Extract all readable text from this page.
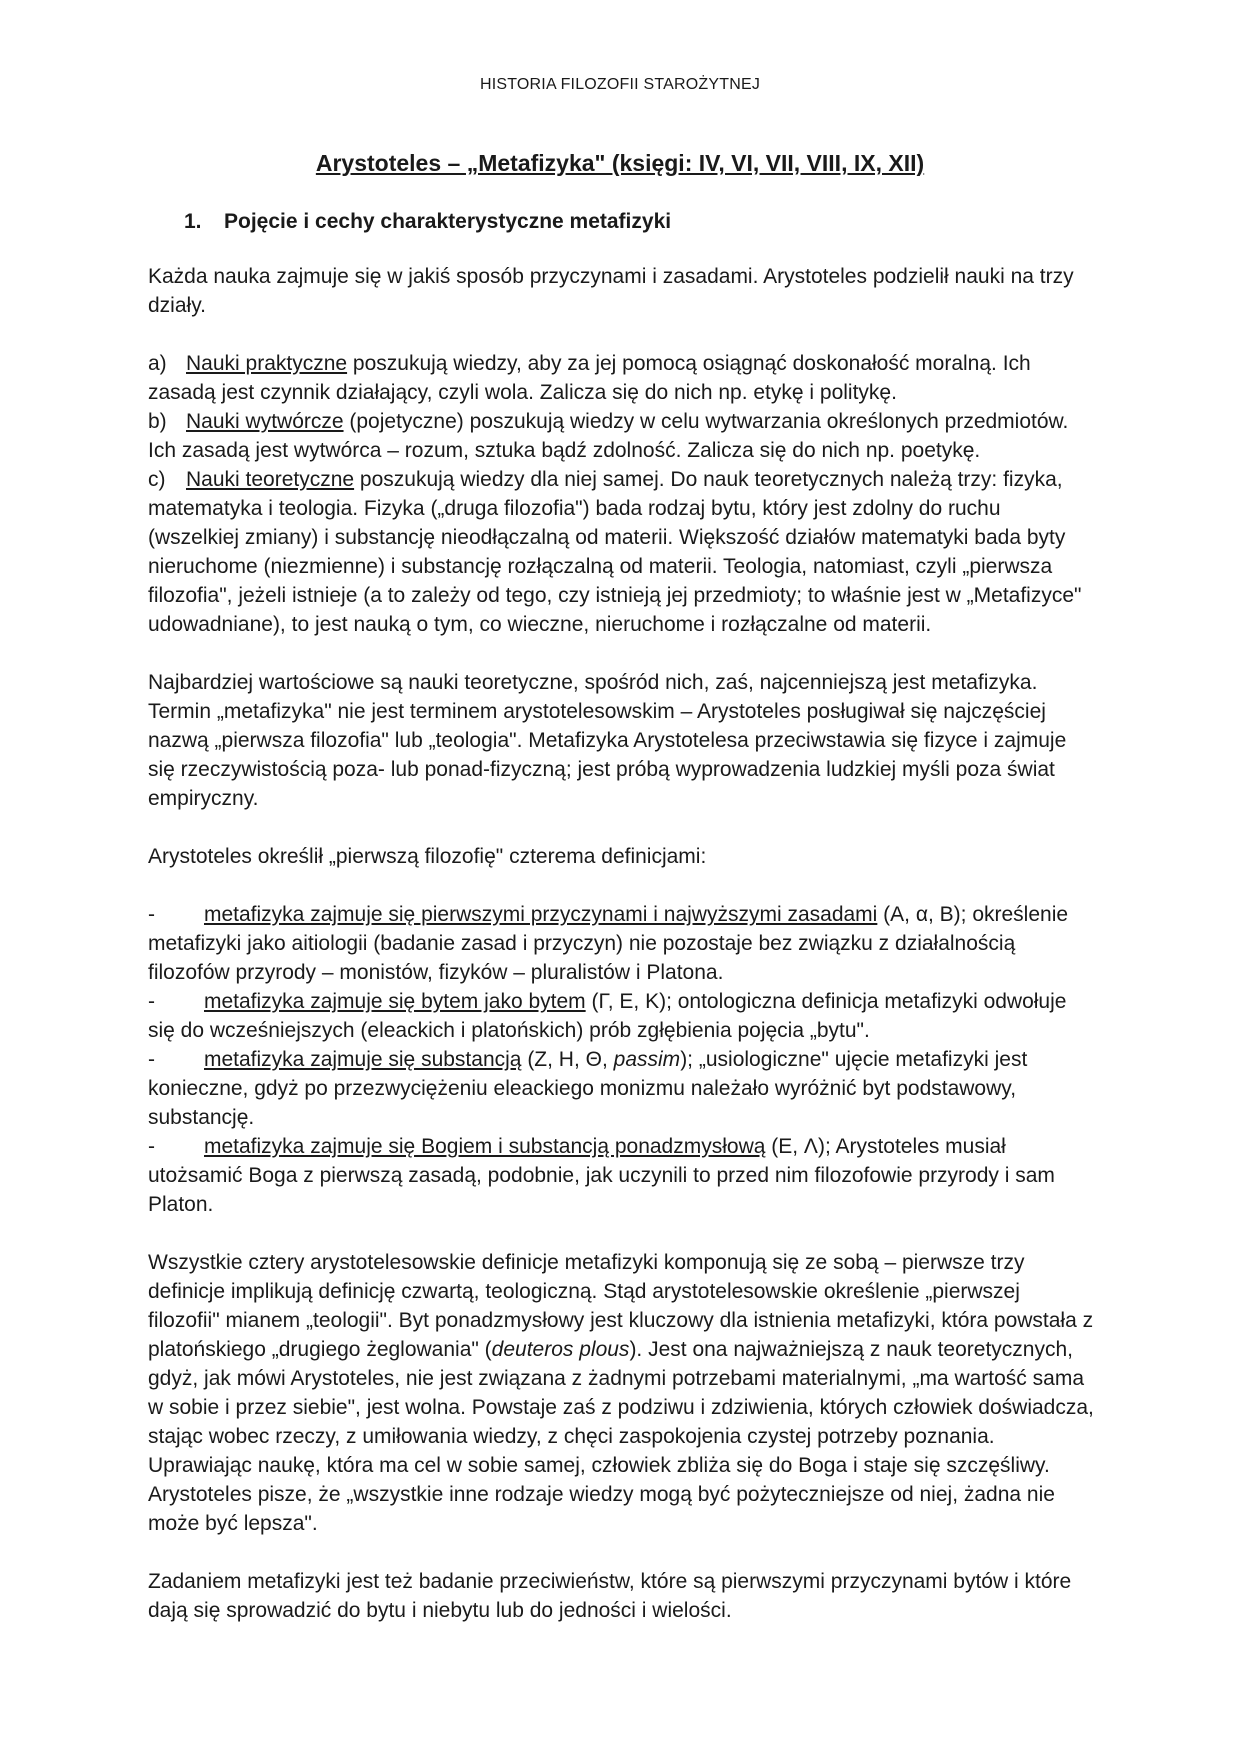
HISTORIA FILOZOFII STAROŻYTNEJ
Arystoteles – „Metafizyka" (księgi: IV, VI, VII, VIII, IX, XII)
1. Pojęcie i cechy charakterystyczne metafizyki

Każda nauka zajmuje się w jakiś sposób przyczynami i zasadami. Arystoteles podzielił nauki na trzy działy.

a) Nauki praktyczne poszukują wiedzy, aby za jej pomocą osiągnąć doskonałość moralną. Ich zasadą jest czynnik działający, czyli wola. Zalicza się do nich np. etykę i politykę.
b) Nauki wytwórcze (pojetyczne) poszukują wiedzy w celu wytwarzania określonych przedmiotów. Ich zasadą jest wytwórca – rozum, sztuka bądź zdolność. Zalicza się do nich np. poetykę.
c) Nauki teoretyczne poszukują wiedzy dla niej samej. Do nauk teoretycznych należą trzy: fizyka, matematyka i teologia. Fizyka („druga filozofia") bada rodzaj bytu, który jest zdolny do ruchu (wszelkiej zmiany) i substancję nieodłączalną od materii. Większość działów matematyki bada byty nieruchome (niezmienne) i substancję rozłączalną od materii. Teologia, natomiast, czyli „pierwsza filozofia", jeżeli istnieje (a to zależy od tego, czy istnieją jej przedmioty; to właśnie jest w „Metafizyce" udowadniane), to jest nauką o tym, co wieczne, nieruchome i rozłączalne od materii.

Najbardziej wartościowe są nauki teoretyczne, spośród nich, zaś, najcenniejszą jest metafizyka. Termin „metafizyka" nie jest terminem arystotelesowskim – Arystoteles posługiwał się najczęściej nazwą „pierwsza filozofia" lub „teologia". Metafizyka Arystotelesa przeciwstawia się fizyce i zajmuje się rzeczywistością poza- lub ponad-fizyczną; jest próbą wyprowadzenia ludzkiej myśli poza świat empiryczny.

Arystoteles określił „pierwszą filozofię" czterema definicjami:

- metafizyka zajmuje się pierwszymi przyczynami i najwyższymi zasadami (A, α, B); określenie metafizyki jako aitiologii (badanie zasad i przyczyn) nie pozostaje bez związku z działalnością filozofów przyrody – monistów, fizyków – pluralistów i Platona.
- metafizyka zajmuje się bytem jako bytem (Γ, E, K); ontologiczna definicja metafizyki odwołuje się do wcześniejszych (eleackich i platońskich) prób zgłębienia pojęcia „bytu".
- metafizyka zajmuje się substancją (Z, H, Θ, passim); „usiologiczne" ujęcie metafizyki jest konieczne, gdyż po przezwyciężeniu eleackiego monizmu należało wyróżnić byt podstawowy, substancję.
- metafizyka zajmuje się Bogiem i substancją ponadzmysłową (E, Λ); Arystoteles musiał utożsamić Boga z pierwszą zasadą, podobnie, jak uczynili to przed nim filozofowie przyrody i sam Platon.

Wszystkie cztery arystotelesowskie definicje metafizyki komponują się ze sobą – pierwsze trzy definicje implikują definicję czwartą, teologiczną. Stąd arystotelesowskie określenie „pierwszej filozofii" mianem „teologii". Byt ponadzmysłowy jest kluczowy dla istnienia metafizyki, która powstała z platońskiego „drugiego żeglowania" (deuteros plous). Jest ona najważniejszą z nauk teoretycznych, gdyż, jak mówi Arystoteles, nie jest związana z żadnymi potrzebami materialnymi, „ma wartość sama w sobie i przez siebie", jest wolna. Powstaje zaś z podziwu i zdziwienia, których człowiek doświadcza, stając wobec rzeczy, z umiłowania wiedzy, z chęci zaspokojenia czystej potrzeby poznania. Uprawiając naukę, która ma cel w sobie samej, człowiek zbliża się do Boga i staje się szczęśliwy. Arystoteles pisze, że „wszystkie inne rodzaje wiedzy mogą być pożyteczniejsze od niej, żadna nie może być lepsza".

Zadaniem metafizyki jest też badanie przeciwieństw, które są pierwszymi przyczynami bytów i które dają się sprowadzić do bytu i niebytu lub do jedności i wielości.
